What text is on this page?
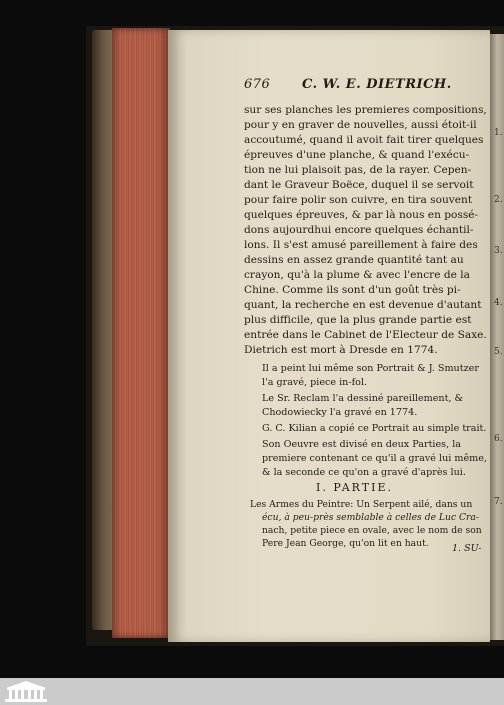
1.
2.
3.
4.
5.
6.
7.
676 C. W. E. DIETRICH.
sur ses planches les premieres compositions,
pour y en graver de nouvelles, aussi étoit-il
accoutumé, quand il avoit fait tirer quelques
épreuves d'une planche, & quand l'exécu-
tion ne lui plaisoit pas, de la rayer. Cepen-
dant le Graveur Boëce, duquel il se servoit
pour faire polir son cuivre, en tira souvent
quelques épreuves, & par là nous en possé-
dons aujourdhui encore quelques échantil-
lons. Il s'est amusé pareillement à faire des
dessins en assez grande quantité tant au
crayon, qu'à la plume & avec l'encre de la
Chine. Comme ils sont d'un goût très pi-
quant, la recherche en est devenue d'autant
plus difficile, que la plus grande partie est
entrée dans le Cabinet de l'Electeur de Saxe.
Dietrich est mort à Dresde en 1774.
Il a peint lui même son Portrait & J. Smutzer
l'a gravé, piece in-fol.
Le Sr. Reclam l'a dessiné pareillement, &
Chodowiecky l'a gravé en 1774.
G. C. Kilian a copié ce Portrait au simple trait.
Son Oeuvre est divisé en deux Parties, la
premiere contenant ce qu'il a gravé lui même,
& la seconde ce qu'on a gravé d'après lui.
I. PARTIE.
Les Armes du Peintre: Un Serpent ailé, dans un
écu, à peu-près semblable à celles de Luc Cra-
nach, petite piece en ovale, avec le nom de son
Pere Jean George, qu'on lit en haut. 1. SU-
